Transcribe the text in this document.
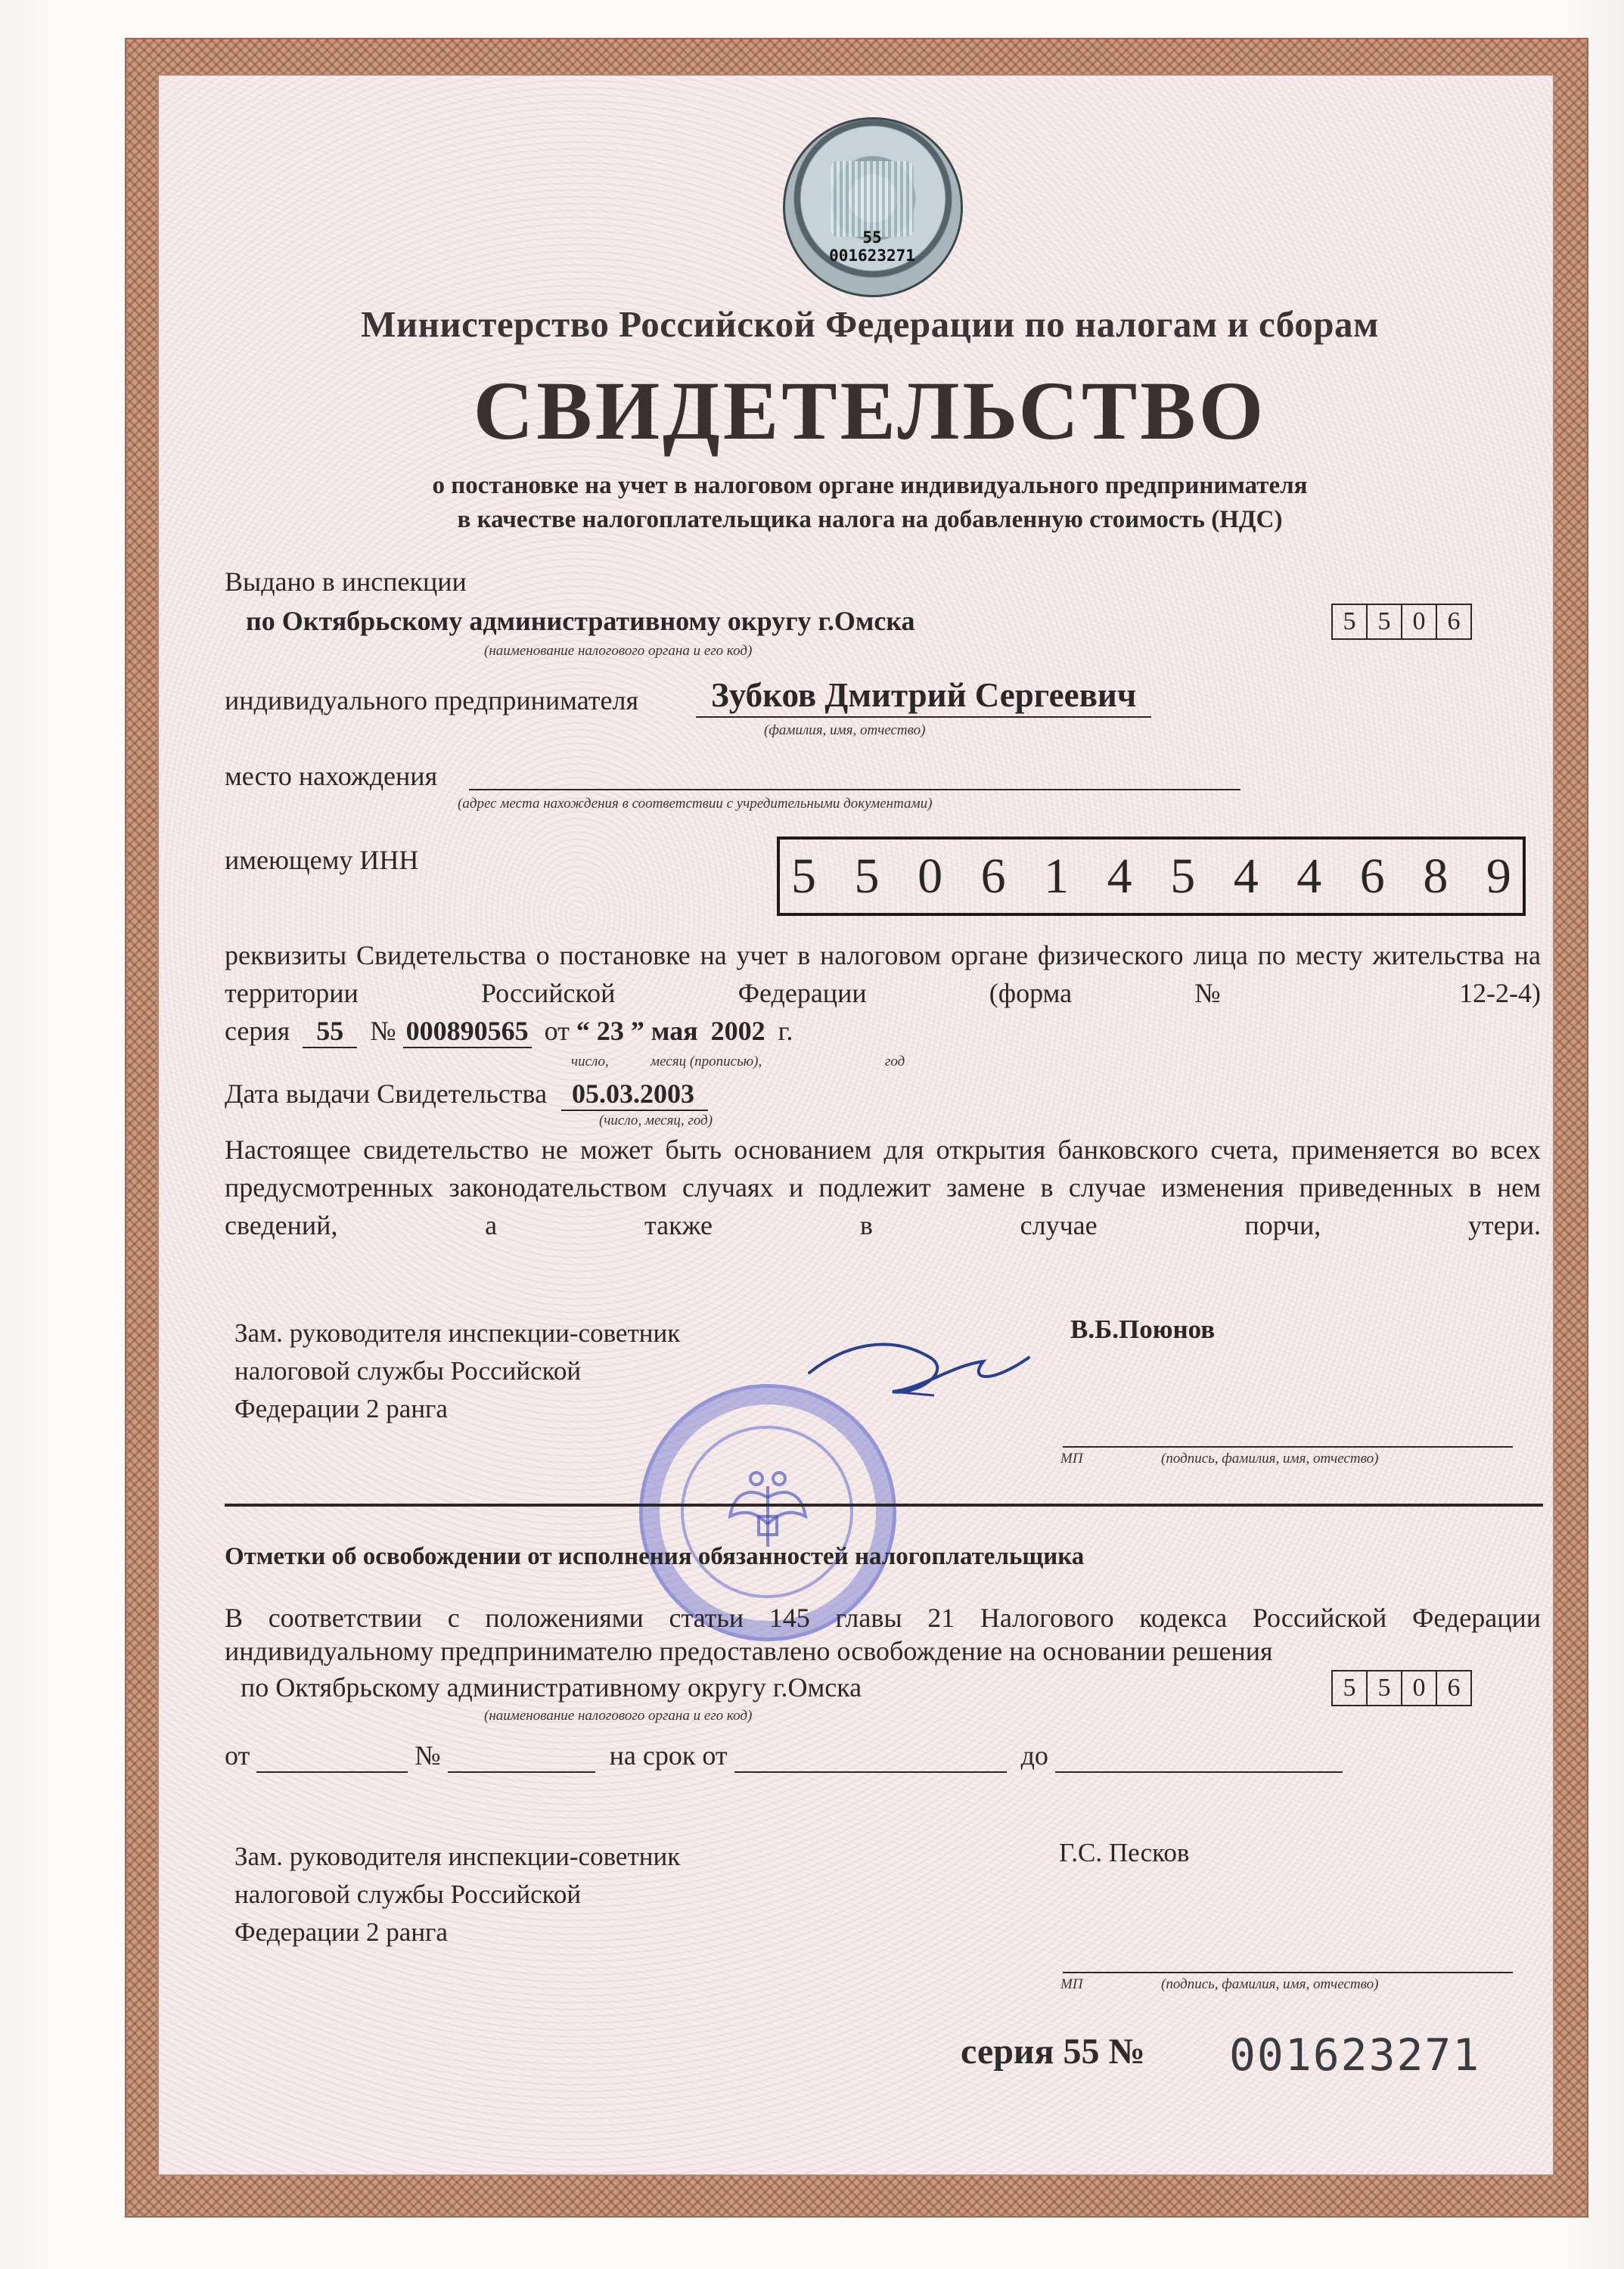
55 001623271
Министерство Российской Федерации по налогам и сборам
СВИДЕТЕЛЬСТВО
о постановке на учет в налоговом органе индивидуального предпринимателя
в качестве налогоплательщика налога на добавленную стоимость (НДС)
Выдано в инспекции
по Октябрьскому административному округу г.Омска
(наименование налогового органа и его код)
5 5 0 6
индивидуального предпринимателя	Зубков Дмитрий Сергеевич
(фамилия, имя, отчество)
место нахождения
(адрес места нахождения в соответствии с учредительными документами)
имеющему ИНН	5 5 0 6 1 4 5 4 4 6 8 9
реквизиты Свидетельства о постановке на учет в налоговом органе физического лица по месту жительства на территории Российской Федерации (форма № 12-2-4)
серия 55 № 000890565 от “ 23 ” мая 2002 г.
число,	месяц (прописью),	год
Дата выдачи Свидетельства 05.03.2003
(число, месяц, год)
Настоящее свидетельство не может быть основанием для открытия банковского счета, применяется во всех предусмотренных законодательством случаях и подлежит замене в случае изменения приведенных в нем сведений, а также в случае порчи, утери.
Зам. руководителя инспекции-советник
налоговой службы Российской
Федерации 2 ранга
В.Б.Поюнов
МП	(подпись, фамилия, имя, отчество)
Отметки об освобождении от исполнения обязанностей налогоплательщика
В соответствии с положениями статьи 145 главы 21 Налогового кодекса Российской Федерации
индивидуальному предпринимателю предоставлено освобождение на основании решения
по Октябрьскому административному округу г.Омска
(наименование налогового органа и его код)
5 5 0 6
от	№	на срок от	до
Зам. руководителя инспекции-советник
налоговой службы Российской
Федерации 2 ранга
Г.С. Песков
МП	(подпись, фамилия, имя, отчество)
серия 55 № 001623271
